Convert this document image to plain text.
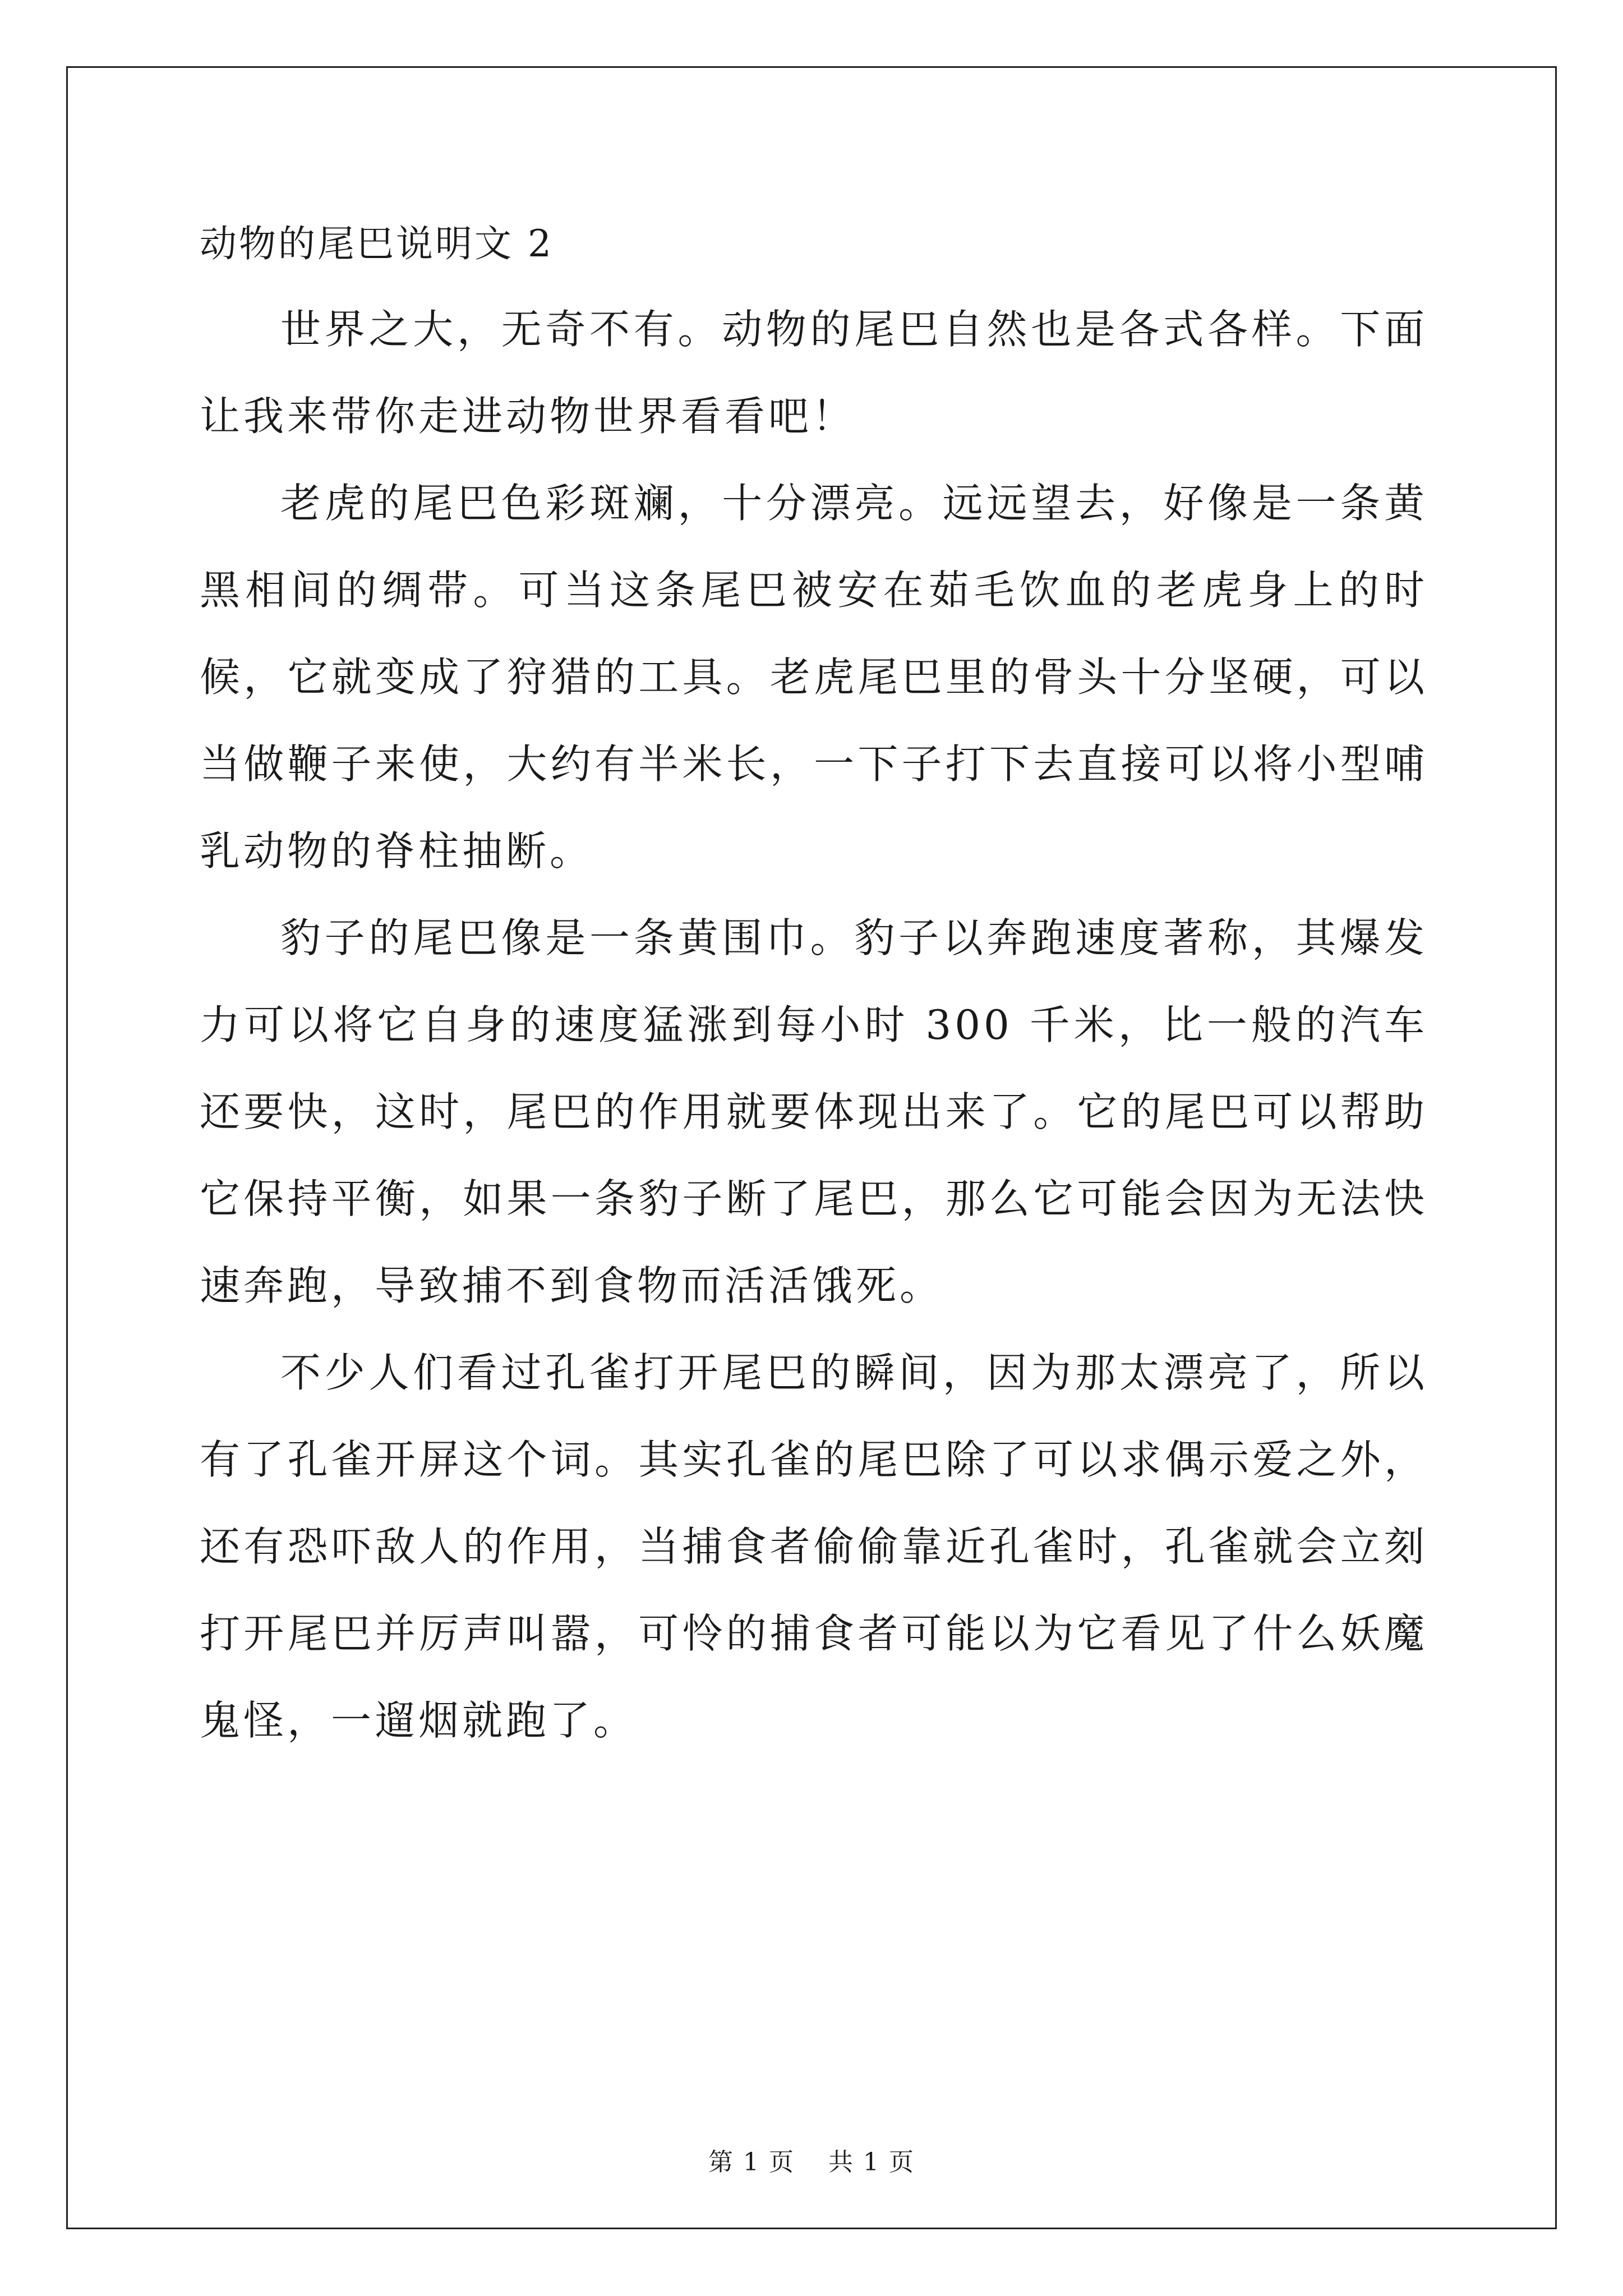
动物的尾巴说明文 2

世界之大，无奇不有。动物的尾巴自然也是各式各样。下面让我来带你走进动物世界看看吧！

老虎的尾巴色彩斑斓，十分漂亮。远远望去，好像是一条黄黑相间的绸带。可当这条尾巴被安在茹毛饮血的老虎身上的时候，它就变成了狩猎的工具。老虎尾巴里的骨头十分坚硬，可以当做鞭子来使，大约有半米长，一下子打下去直接可以将小型哺乳动物的脊柱抽断。

豹子的尾巴像是一条黄围巾。豹子以奔跑速度著称，其爆发力可以将它自身的速度猛涨到每小时 300 千米，比一般的汽车还要快，这时，尾巴的作用就要体现出来了。它的尾巴可以帮助它保持平衡，如果一条豹子断了尾巴，那么它可能会因为无法快速奔跑，导致捕不到食物而活活饿死。

不少人们看过孔雀打开尾巴的瞬间，因为那太漂亮了，所以有了孔雀开屏这个词。其实孔雀的尾巴除了可以求偶示爱之外，还有恐吓敌人的作用，当捕食者偷偷靠近孔雀时，孔雀就会立刻打开尾巴并厉声叫嚣，可怜的捕食者可能以为它看见了什么妖魔鬼怪，一遛烟就跑了。

第 1 页 共 1 页
